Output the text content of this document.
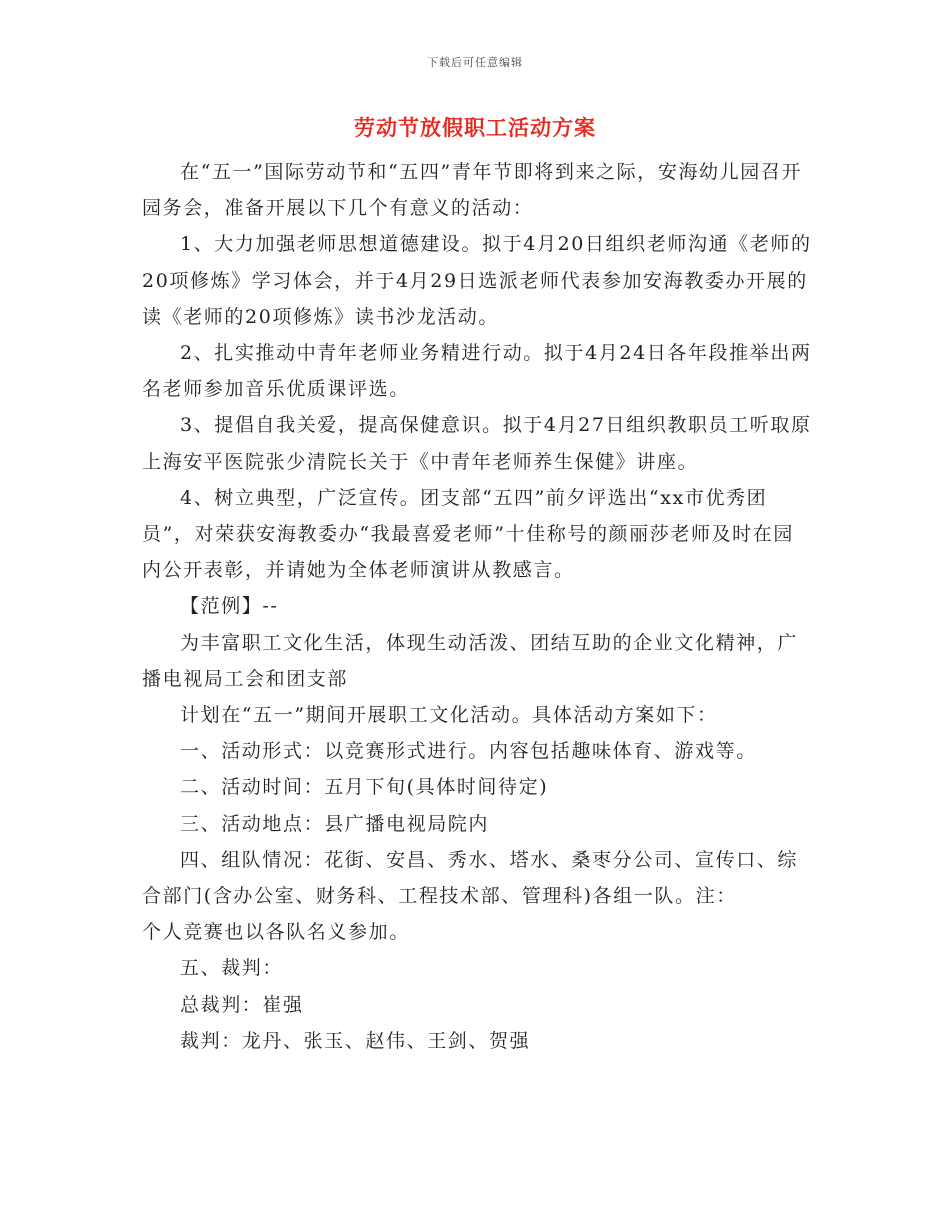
下载后可任意编辑
劳动节放假职工活动方案

在“五一”国际劳动节和“五四”青年节即将到来之际，安海幼儿园召开园务会，准备开展以下几个有意义的活动：

1、大力加强老师思想道德建设。拟于4月20日组织老师沟通《老师的20项修炼》学习体会，并于4月29日选派老师代表参加安海教委办开展的读《老师的20项修炼》读书沙龙活动。

2、扎实推动中青年老师业务精进行动。拟于4月24日各年段推举出两名老师参加音乐优质课评选。

3、提倡自我关爱，提高保健意识。拟于4月27日组织教职员工听取原上海安平医院张少清院长关于《中青年老师养生保健》讲座。

4、树立典型，广泛宣传。团支部“五四”前夕评选出“xx市优秀团员”，对荣获安海教委办“我最喜爱老师”十佳称号的颜丽莎老师及时在园内公开表彰，并请她为全体老师演讲从教感言。

【范例】--

为丰富职工文化生活，体现生动活泼、团结互助的企业文化精神，广播电视局工会和团支部

计划在“五一”期间开展职工文化活动。具体活动方案如下：

一、活动形式：以竞赛形式进行。内容包括趣味体育、游戏等。

二、活动时间：五月下旬(具体时间待定)

三、活动地点：县广播电视局院内

四、组队情况：花街、安昌、秀水、塔水、桑枣分公司、宣传口、综合部门(含办公室、财务科、工程技术部、管理科)各组一队。注：

个人竞赛也以各队名义参加。

五、裁判：

总裁判：崔强

裁判：龙丹、张玉、赵伟、王剑、贺强
